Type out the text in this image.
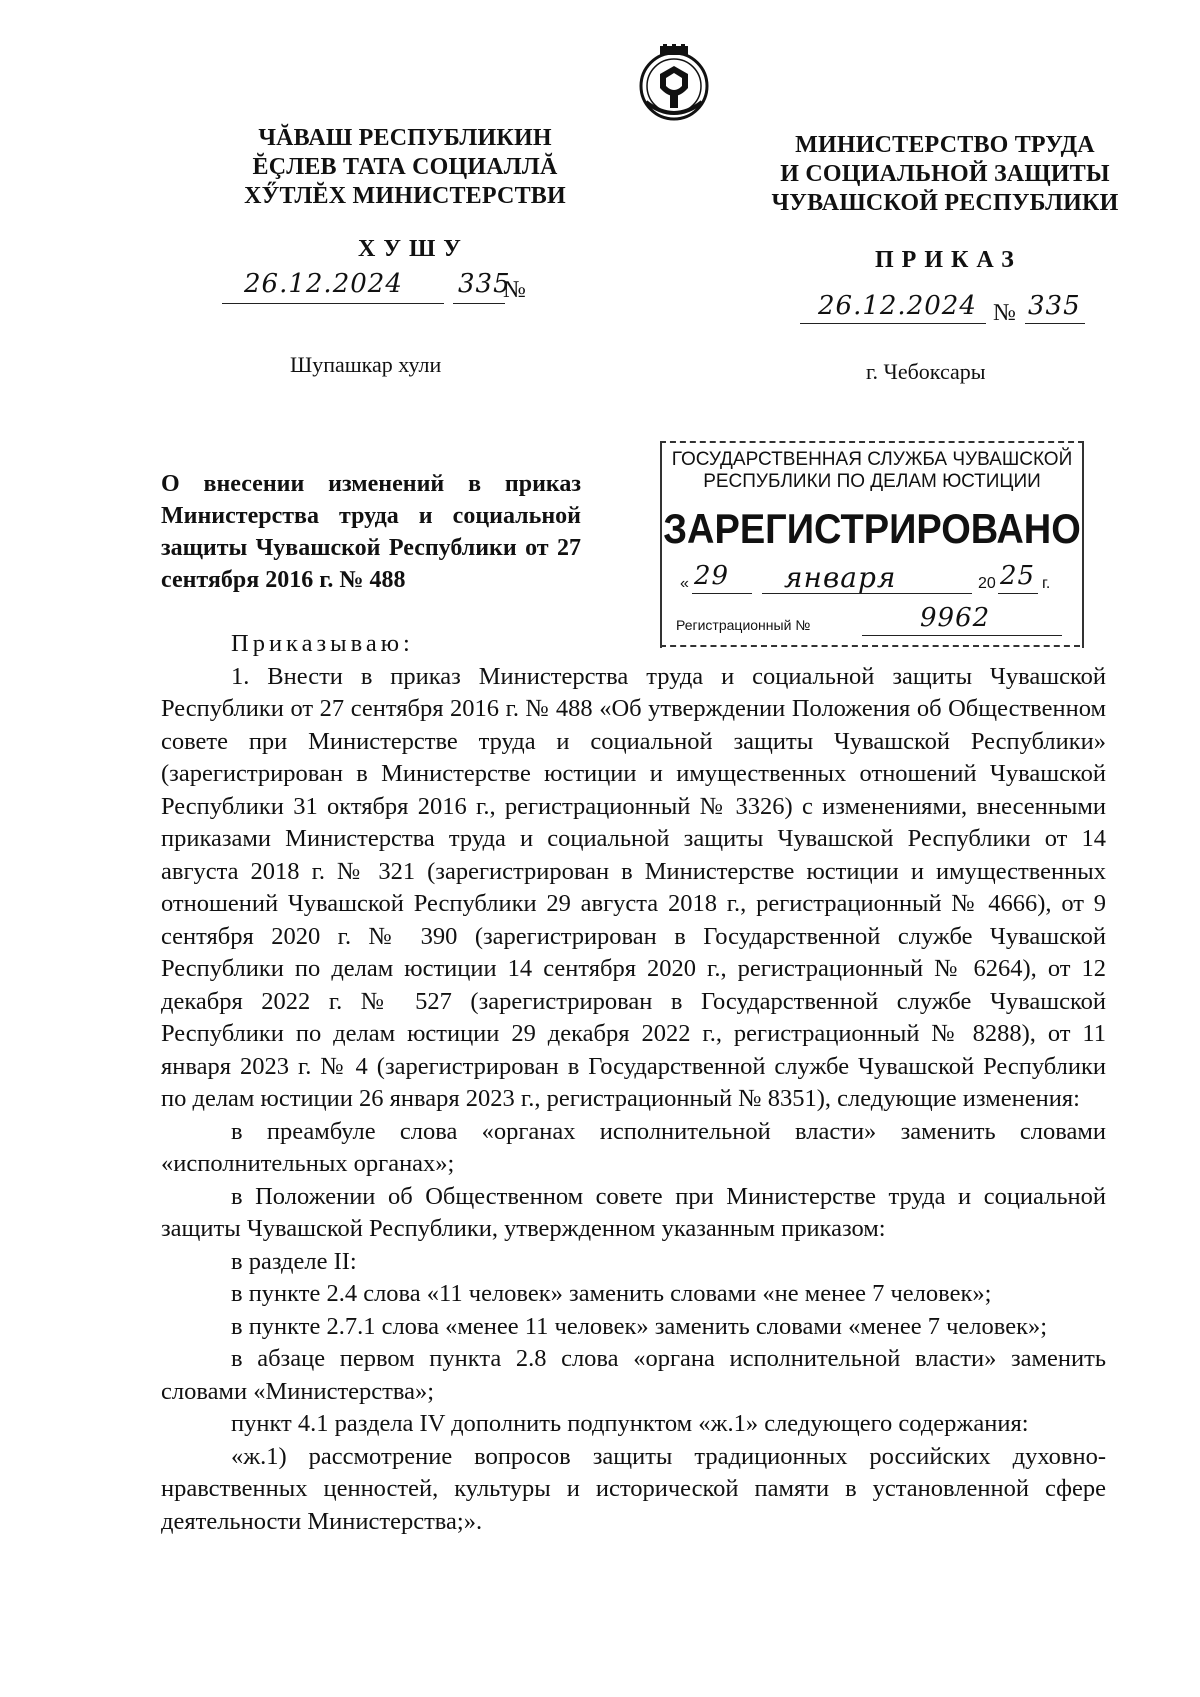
ЧĂВАШ РЕСПУБЛИКИН
ĔÇЛЕВ ТАТА СОЦИАЛЛĂ
ХӲТЛĔХ МИНИСТЕРСТВИ
ХУШУ
26.12.2024 335
№
Шупашкар хули
МИНИСТЕРСТВО ТРУДА
И СОЦИАЛЬНОЙ ЗАЩИТЫ
ЧУВАШСКОЙ РЕСПУБЛИКИ
ПРИКАЗ
26.12.2024 № 335
г. Чебоксары
ГОСУДАРСТВЕННАЯ СЛУЖБА ЧУВАШСКОЙ
РЕСПУБЛИКИ ПО ДЕЛАМ ЮСТИЦИИ
ЗАРЕГИСТРИРОВАНО
« 29 января	20 25 г.
Регистрационный №	9962
О внесении изменений в приказ Министерства труда и социальной защиты Чувашской Республики от 27 сентября 2016 г. № 488

Приказываю:

1. Внести в приказ Министерства труда и социальной защиты Чувашской Республики от 27 сентября 2016 г. № 488 «Об утверждении Положения об Общественном совете при Министерстве труда и социальной защиты Чувашской Республики» (зарегистрирован в Министерстве юстиции и имущественных отношений Чувашской Республики 31 октября 2016 г., регистрационный № 3326) с изменениями, внесенными приказами Министерства труда и социальной защиты Чувашской Республики от 14 августа 2018 г. № 321 (зарегистрирован в Министерстве юстиции и имущественных отношений Чувашской Республики 29 августа 2018 г., регистрационный № 4666), от 9 сентября 2020 г. № 390 (зарегистрирован в Государственной службе Чувашской Республики по делам юстиции 14 сентября 2020 г., регистрационный № 6264), от 12 декабря 2022 г. № 527 (зарегистрирован в Государственной службе Чувашской Республики по делам юстиции 29 декабря 2022 г., регистрационный № 8288), от 11 января 2023 г. № 4 (зарегистрирован в Государственной службе Чувашской Республики по делам юстиции 26 января 2023 г., регистрационный № 8351), следующие изменения:

в преамбуле слова «органах исполнительной власти» заменить словами «исполнительных органах»;

в Положении об Общественном совете при Министерстве труда и социальной защиты Чувашской Республики, утвержденном указанным приказом:

в разделе II:

в пункте 2.4 слова «11 человек» заменить словами «не менее 7 человек»;

в пункте 2.7.1 слова «менее 11 человек» заменить словами «менее 7 человек»;

в абзаце первом пункта 2.8 слова «органа исполнительной власти» заменить словами «Министерства»;

пункт 4.1 раздела IV дополнить подпунктом «ж.1» следующего содержания:

«ж.1) рассмотрение вопросов защиты традиционных российских духовно-нравственных ценностей, культуры и исторической памяти в установленной сфере деятельности Министерства;».
